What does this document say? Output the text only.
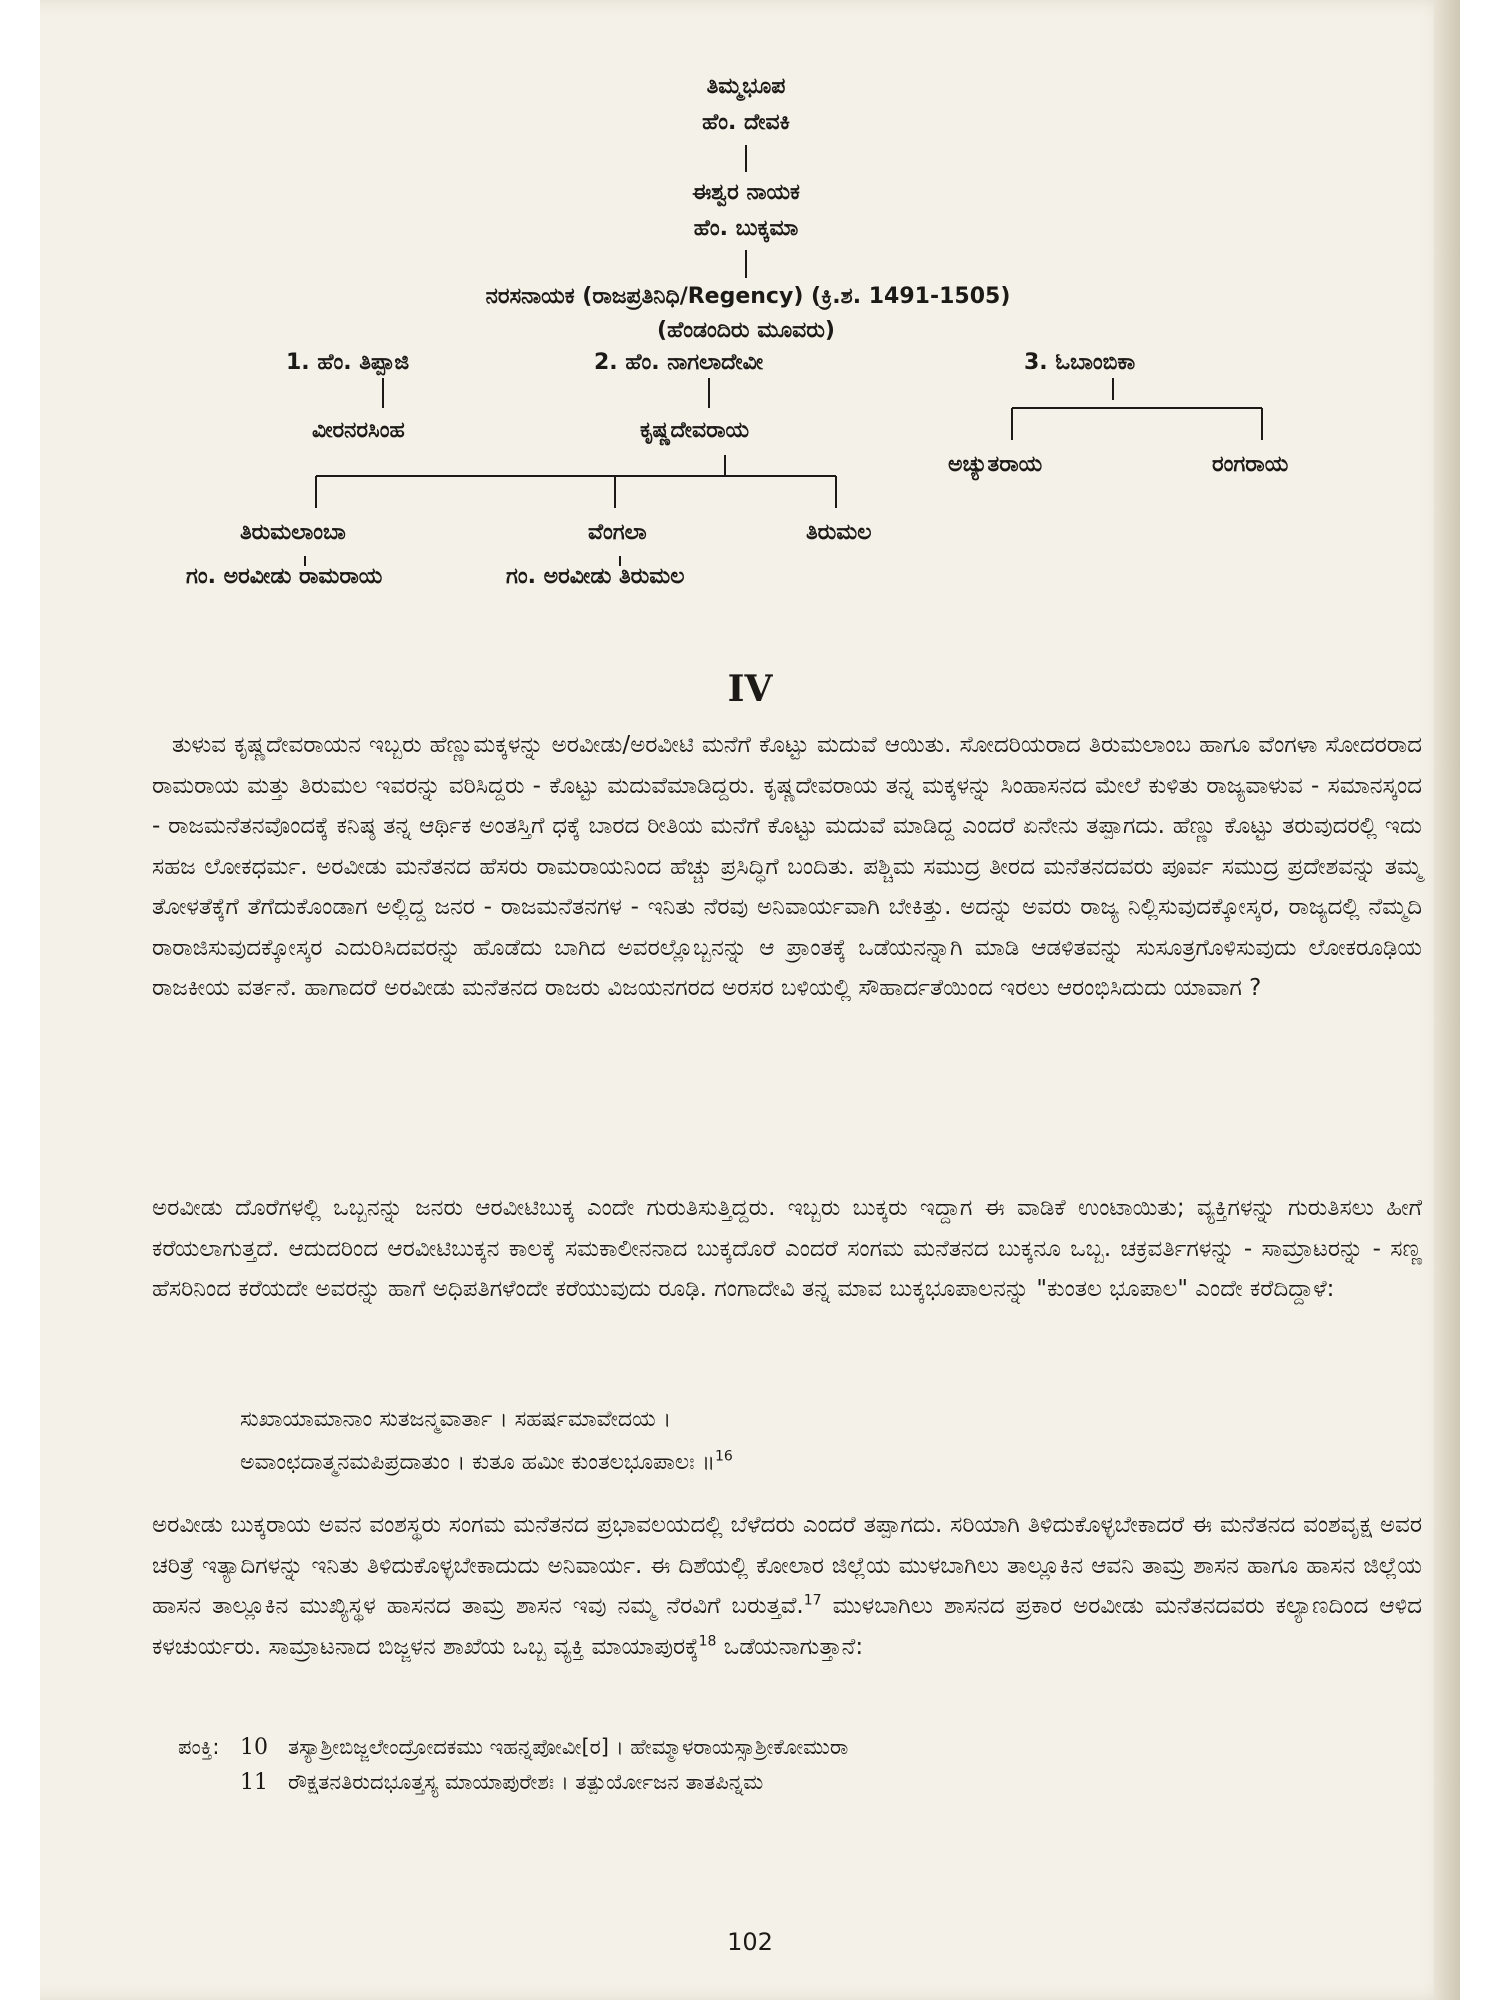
ತಿಮ್ಮಭೂಪ
ಹೆಂ. ದೇವಕಿ
ಈಶ್ವರ ನಾಯಕ
ಹೆಂ. ಬುಕ್ಕಮಾ
ನರಸನಾಯಕ (ರಾಜಪ್ರತಿನಿಧಿ/Regency) (ಕ್ರಿ.ಶ. 1491-1505)
(ಹೆಂಡಂದಿರು ಮೂವರು)
1. ಹೆಂ. ತಿಪ್ಪಾಜಿ	2. ಹೆಂ. ನಾಗಲಾದೇವೀ	3. ಓಬಾಂಬಿಕಾ
ವೀರನರಸಿಂಹ	ಕೃಷ್ಣದೇವರಾಯ
ಅಚ್ಯುತರಾಯ	ರಂಗರಾಯ
ತಿರುಮಲಾಂಬಾ	ವೆಂಗಲಾ	ತಿರುಮಲ
ಗಂ. ಅರವೀಡು ರಾಮರಾಯ	ಗಂ. ಅರವೀಡು ತಿರುಮಲ
IV

ತುಳುವ ಕೃಷ್ಣದೇವರಾಯನ ಇಬ್ಬರು ಹೆಣ್ಣುಮಕ್ಕಳನ್ನು ಅರವೀಡು/ಅರವೀಟಿ ಮನೆಗೆ ಕೊಟ್ಟು ಮದುವೆ ಆಯಿತು. ಸೋದರಿಯರಾದ ತಿರುಮಲಾಂಬ ಹಾಗೂ ವೆಂಗಳಾ ಸೋದರರಾದ ರಾಮರಾಯ ಮತ್ತು ತಿರುಮಲ ಇವರನ್ನು ವರಿಸಿದ್ದರು - ಕೊಟ್ಟು ಮದುವೆಮಾಡಿದ್ದರು. ಕೃಷ್ಣದೇವರಾಯ ತನ್ನ ಮಕ್ಕಳನ್ನು ಸಿಂಹಾಸನದ ಮೇಲೆ ಕುಳಿತು ರಾಜ್ಯವಾಳುವ - ಸಮಾನಸ್ಕಂದ - ರಾಜಮನೆತನವೊಂದಕ್ಕೆ ಕನಿಷ್ಠ ತನ್ನ ಆರ್ಥಿಕ ಅಂತಸ್ತಿಗೆ ಧಕ್ಕೆ ಬಾರದ ರೀತಿಯ ಮನೆಗೆ ಕೊಟ್ಟು ಮದುವೆ ಮಾಡಿದ್ದ ಎಂದರೆ ಏನೇನು ತಪ್ಪಾಗದು. ಹೆಣ್ಣು ಕೊಟ್ಟು ತರುವುದರಲ್ಲಿ ಇದು ಸಹಜ ಲೋಕಧರ್ಮ. ಅರವೀಡು ಮನೆತನದ ಹೆಸರು ರಾಮರಾಯನಿಂದ ಹೆಚ್ಚು ಪ್ರಸಿದ್ಧಿಗೆ ಬಂದಿತು. ಪಶ್ಚಿಮ ಸಮುದ್ರ ತೀರದ ಮನೆತನದವರು ಪೂರ್ವ ಸಮುದ್ರ ಪ್ರದೇಶವನ್ನು ತಮ್ಮ ತೋಳತೆಕ್ಕೆಗೆ ತೆಗೆದುಕೊಂಡಾಗ ಅಲ್ಲಿದ್ದ ಜನರ - ರಾಜಮನೆತನಗಳ - ಇನಿತು ನೆರವು ಅನಿವಾರ್ಯವಾಗಿ ಬೇಕಿತ್ತು. ಅದನ್ನು ಅವರು ರಾಜ್ಯ ನಿಲ್ಲಿಸುವುದಕ್ಕೋಸ್ಕರ, ರಾಜ್ಯದಲ್ಲಿ ನೆಮ್ಮದಿ ರಾರಾಜಿಸುವುದಕ್ಕೋಸ್ಕರ ಎದುರಿಸಿದವರನ್ನು ಹೊಡೆದು ಬಾಗಿದ ಅವರಲ್ಲೊಬ್ಬನನ್ನು ಆ ಪ್ರಾಂತಕ್ಕೆ ಒಡೆಯನನ್ನಾಗಿ ಮಾಡಿ ಆಡಳಿತವನ್ನು ಸುಸೂತ್ರಗೊಳಿಸುವುದು ಲೋಕರೂಢಿಯ ರಾಜಕೀಯ ವರ್ತನೆ. ಹಾಗಾದರೆ ಅರವೀಡು ಮನೆತನದ ರಾಜರು ವಿಜಯನಗರದ ಅರಸರ ಬಳಿಯಲ್ಲಿ ಸೌಹಾರ್ದತೆಯಿಂದ ಇರಲು ಆರಂಭಿಸಿದುದು ಯಾವಾಗ ?

ಅರವೀಡು ದೊರೆಗಳಲ್ಲಿ ಒಬ್ಬನನ್ನು ಜನರು ಆರವೀಟಿಬುಕ್ಕ ಎಂದೇ ಗುರುತಿಸುತ್ತಿದ್ದರು. ಇಬ್ಬರು ಬುಕ್ಕರು ಇದ್ದಾಗ ಈ ವಾಡಿಕೆ ಉಂಟಾಯಿತು; ವ್ಯಕ್ತಿಗಳನ್ನು ಗುರುತಿಸಲು ಹೀಗೆ ಕರೆಯಲಾಗುತ್ತದೆ. ಆದುದರಿಂದ ಆರವೀಟಿಬುಕ್ಕನ ಕಾಲಕ್ಕೆ ಸಮಕಾಲೀನನಾದ ಬುಕ್ಕದೊರೆ ಎಂದರೆ ಸಂಗಮ ಮನೆತನದ ಬುಕ್ಕನೂ ಒಬ್ಬ. ಚಕ್ರವರ್ತಿಗಳನ್ನು - ಸಾಮ್ರಾಟರನ್ನು - ಸಣ್ಣ ಹೆಸರಿನಿಂದ ಕರೆಯದೇ ಅವರನ್ನು ಹಾಗೆ ಅಧಿಪತಿಗಳೆಂದೇ ಕರೆಯುವುದು ರೂಢಿ. ಗಂಗಾದೇವಿ ತನ್ನ ಮಾವ ಬುಕ್ಕಭೂಪಾಲನನ್ನು "ಕುಂತಲ ಭೂಪಾಲ" ಎಂದೇ ಕರೆದಿದ್ದಾಳೆ:

ಸುಖಾಯಾಮಾನಾಂ ಸುತಜನ್ಮವಾರ್ತಾ । ಸಹರ್ಷಮಾವೇದಯ ।
ಅವಾಂಛದಾತ್ಮನಮಪಿಪ್ರದಾತುಂ । ಕುತೂ ಹಮೀ ಕುಂತಲಭೂಪಾಲಃ ॥$^{16}$

ಅರವೀಡು ಬುಕ್ಕರಾಯ ಅವನ ವಂಶಸ್ಥರು ಸಂಗಮ ಮನೆತನದ ಪ್ರಭಾವಲಯದಲ್ಲಿ ಬೆಳೆದರು ಎಂದರೆ ತಪ್ಪಾಗದು. ಸರಿಯಾಗಿ ತಿಳಿದುಕೊಳ್ಳಬೇಕಾದರೆ ಈ ಮನೆತನದ ವಂಶವೃಕ್ಷ ಅವರ ಚರಿತ್ರೆ ಇತ್ಯಾದಿಗಳನ್ನು ಇನಿತು ತಿಳಿದುಕೊಳ್ಳಬೇಕಾದುದು ಅನಿವಾರ್ಯ. ಈ ದಿಶೆಯಲ್ಲಿ ಕೋಲಾರ ಜಿಲ್ಲೆಯ ಮುಳಬಾಗಿಲು ತಾಲ್ಲೂಕಿನ ಆವನಿ ತಾಮ್ರ ಶಾಸನ ಹಾಗೂ ಹಾಸನ ಜಿಲ್ಲೆಯ ಹಾಸನ ತಾಲ್ಲೂಕಿನ ಮುಖ್ಯಿಸ್ಥಳ ಹಾಸನದ ತಾಮ್ರ ಶಾಸನ ಇವು ನಮ್ಮ ನೆರವಿಗೆ ಬರುತ್ತವೆ.$^{17}$ ಮುಳಬಾಗಿಲು ಶಾಸನದ ಪ್ರಕಾರ ಅರವೀಡು ಮನೆತನದವರು ಕಲ್ಯಾಣದಿಂದ ಆಳಿದ ಕಳಚುರ್ಯರು. ಸಾಮ್ರಾಟನಾದ ಬಿಜ್ಜಳನ ಶಾಖೆಯ ಒಬ್ಬ ವ್ಯಕ್ತಿ ಮಾಯಾಪುರಕ್ಕೆ$^{18}$ ಒಡೆಯನಾಗುತ್ತಾನೆ:

ಪಂಕ್ತಿ: 10 ತಸ್ಯಾಶ್ರೀಬಿಜ್ಜಲೇಂದ್ರೋದಕಮು ಇಹನ್ನಪೋವೀ[ರ] । ಹೇಮ್ಮಾಳರಾಯಸ್ಸಾಶ್ರೀಕೋಮುರಾ
11 ರೌಕ್ಷತನತಿರುದಭೂತ್ತಸ್ಯ ಮಾಯಾಪುರೇಶಃ । ತತ್ಪುರ್ಯೋಜನ ತಾತಪಿನ್ನಮ
102
